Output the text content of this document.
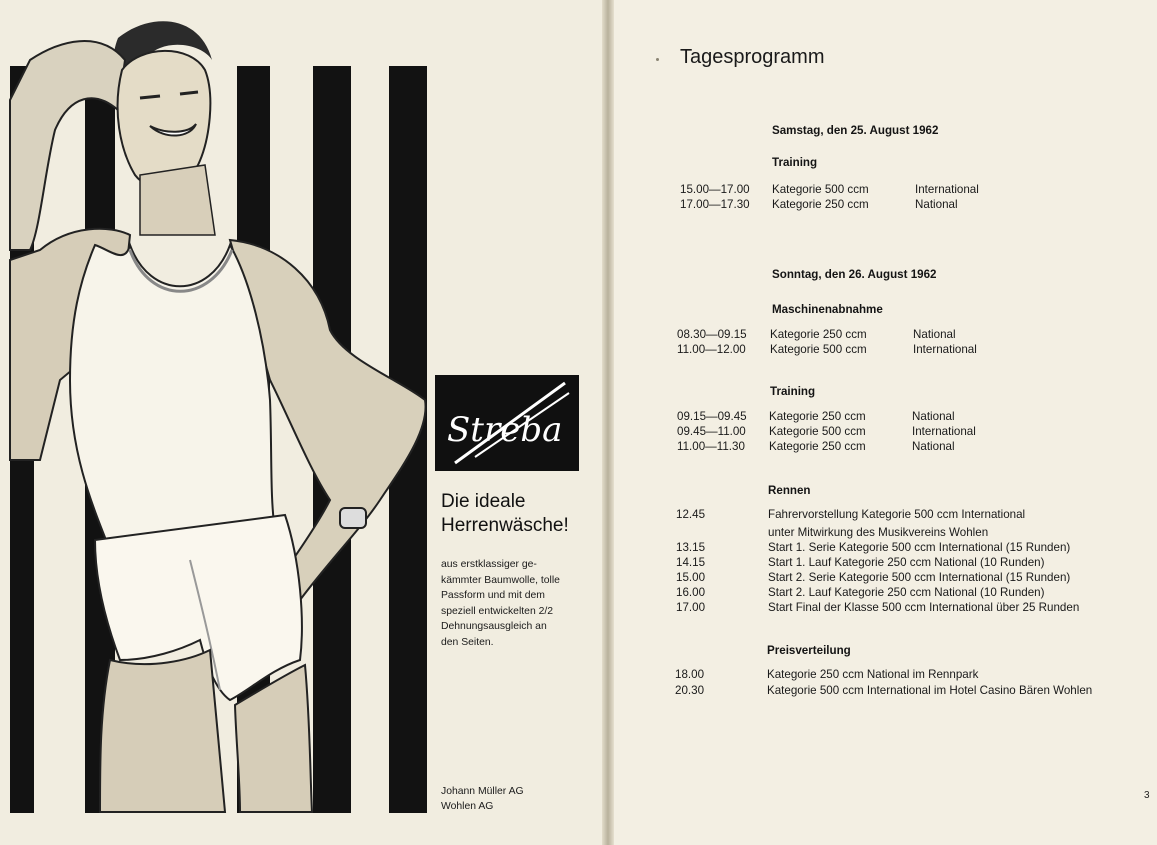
Streba
Die ideale
Herrenwäsche!
aus erstklassiger ge-
kämmter Baumwolle, tolle
Passform und mit dem
speziell entwickelten 2/2
Dehnungsausgleich an
den Seiten.
Johann Müller AG
Wohlen AG
Tagesprogramm
Samstag, den 25. August 1962
Training
15.00—17.00 Kategorie 500 ccm	International
17.00—17.30 Kategorie 250 ccm	National
Sonntag, den 26. August 1962
Maschinenabnahme
08.30—09.15 Kategorie 250 ccm	National
11.00—12.00 Kategorie 500 ccm	International
Training
09.15—09.45 Kategorie 250 ccm	National
09.45—11.00 Kategorie 500 ccm	International
11.00—11.30 Kategorie 250 ccm	National
Rennen
12.45	Fahrervorstellung Kategorie 500 ccm International
unter Mitwirkung des Musikvereins Wohlen
13.15	Start 1. Serie Kategorie 500 ccm International (15 Runden)
14.15	Start 1. Lauf Kategorie 250 ccm National (10 Runden)
15.00	Start 2. Serie Kategorie 500 ccm International (15 Runden)
16.00	Start 2. Lauf Kategorie 250 ccm National (10 Runden)
17.00	Start Final der Klasse 500 ccm International über 25 Runden
Preisverteilung
18.00	Kategorie 250 ccm National im Rennpark
20.30	Kategorie 500 ccm International im Hotel Casino Bären Wohlen
3
